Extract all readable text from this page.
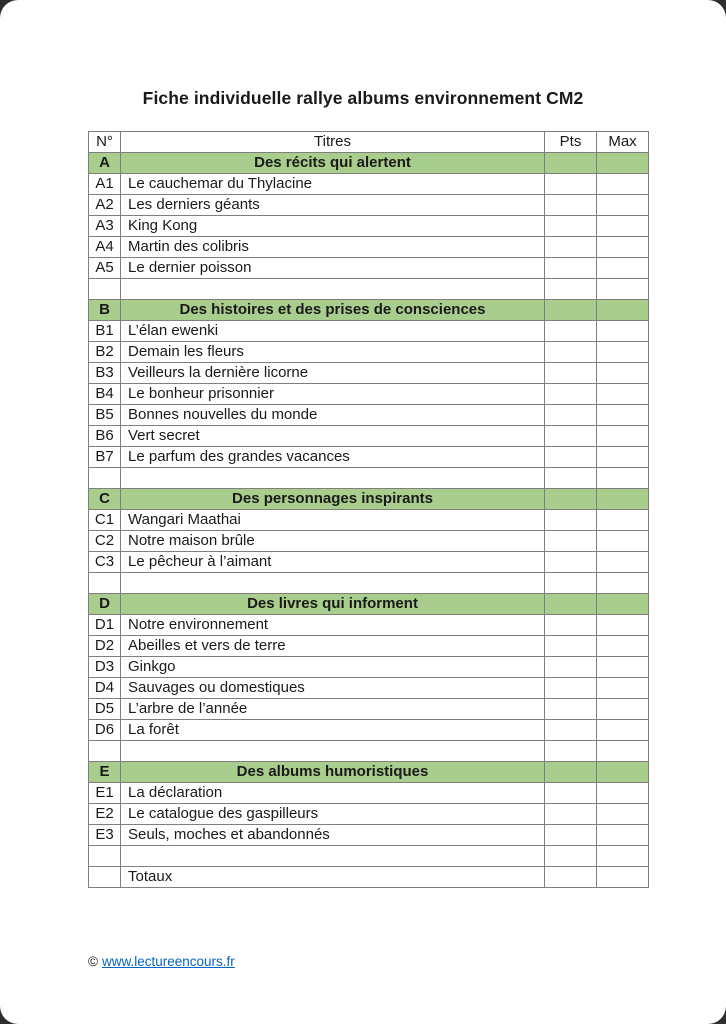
Fiche individuelle rallye albums environnement CM2
N°	Titres	Pts	Max
A	Des récits qui alertent		
A1	Le cauchemar du Thylacine		
A2	Les derniers géants		
A3	King Kong		
A4	Martin des colibris		
A5	Le dernier poisson		

B	Des histoires et des prises de consciences		
B1	L’élan ewenki		
B2	Demain les fleurs		
B3	Veilleurs la dernière licorne		
B4	Le bonheur prisonnier		
B5	Bonnes nouvelles du monde		
B6	Vert secret		
B7	Le parfum des grandes vacances		

C	Des personnages inspirants		
C1	Wangari Maathai		
C2	Notre maison brûle		
C3	Le pêcheur à l’aimant		

D	Des livres qui informent		
D1	Notre environnement		
D2	Abeilles et vers de terre		
D3	Ginkgo		
D4	Sauvages ou domestiques		
D5	L’arbre de l’année		
D6	La forêt		

E	Des albums humoristiques		
E1	La déclaration		
E2	Le catalogue des gaspilleurs		
E3	Seuls, moches et abandonnés		

	Totaux		
© www.lectureencours.fr
